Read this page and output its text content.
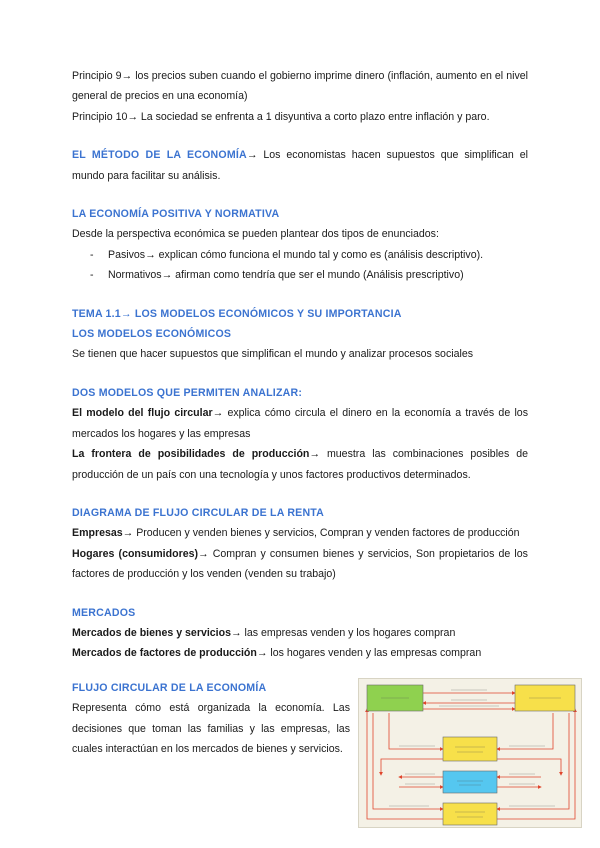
Principio 9→ los precios suben cuando el gobierno imprime dinero (inflación, aumento en el nivel general de precios en una economía)

Principio 10→ La sociedad se enfrenta a 1 disyuntiva a corto plazo entre inflación y paro.

EL MÉTODO DE LA ECONOMÍA→ Los economistas hacen supuestos que simplifican el mundo para facilitar su análisis.

LA ECONOMÍA POSITIVA Y NORMATIVA

Desde la perspectiva económica se pueden plantear dos tipos de enunciados:

- Pasivos→ explican cómo funciona el mundo tal y como es (análisis descriptivo).
- Normativos→ afirman como tendría que ser el mundo (Análisis prescriptivo)
TEMA 1.1→ LOS MODELOS ECONÓMICOS Y SU IMPORTANCIA
LOS MODELOS ECONÓMICOS

Se tienen que hacer supuestos que simplifican el mundo y analizar procesos sociales

DOS MODELOS QUE PERMITEN ANALIZAR:

El modelo del flujo circular→ explica cómo circula el dinero en la economía a través de los mercados los hogares y las empresas

La frontera de posibilidades de producción→ muestra las combinaciones posibles de producción de un país con una tecnología y unos factores productivos determinados.

DIAGRAMA DE FLUJO CIRCULAR DE LA RENTA

Empresas→ Producen y venden bienes y servicios, Compran y venden factores de producción

Hogares (consumidores)→ Compran y consumen bienes y servicios, Son propietarios de los factores de producción y los venden (venden su trabajo)

MERCADOS

Mercados de bienes y servicios→ las empresas venden y los hogares compran

Mercados de factores de producción→ los hogares venden y las empresas compran

FLUJO CIRCULAR DE LA ECONOMÍA

Representa cómo está organizada la economía. Las decisiones que toman las familias y las empresas, las cuales interactúan en los mercados de bienes y servicios.
